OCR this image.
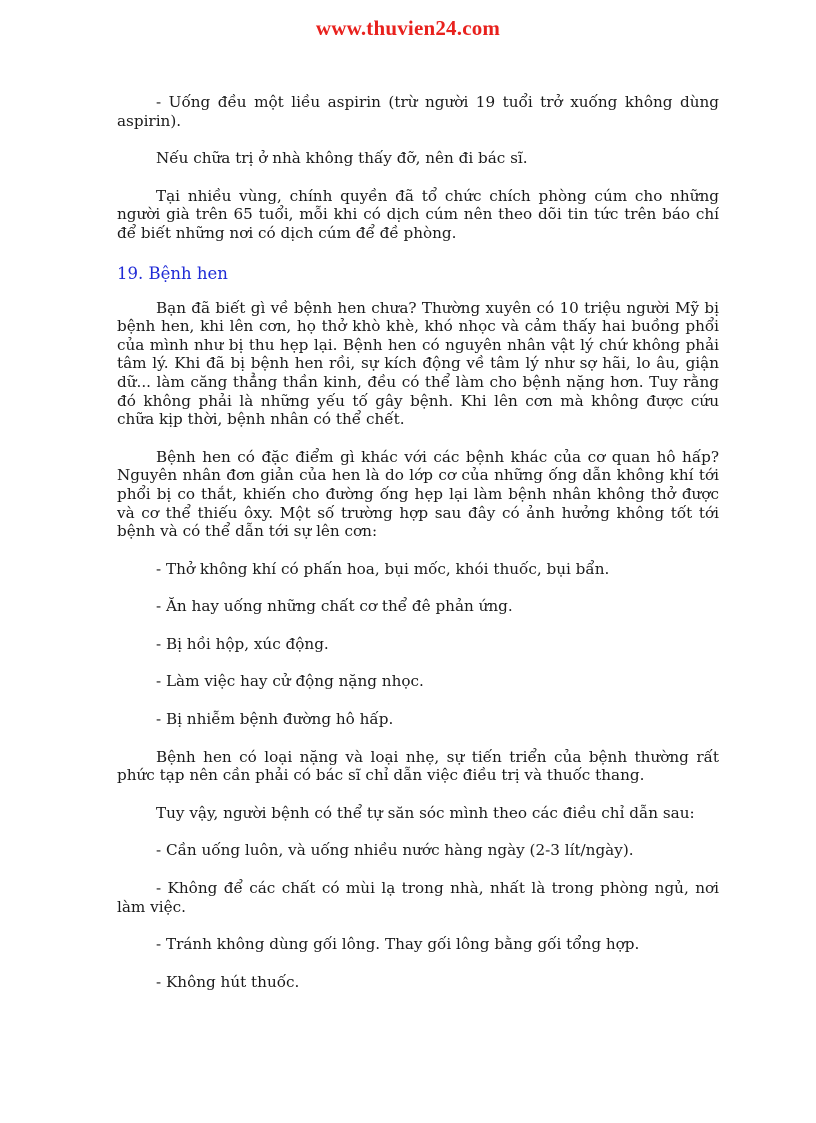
www.thuvien24.com

- Uống đều một liều aspirin (trừ người 19 tuổi trở xuống không dùng aspirin).

Nếu chữa trị ở nhà không thấy đỡ, nên đi bác sĩ.

Tại nhiều vùng, chính quyền đã tổ chức chích phòng cúm cho những người già trên 65 tuổi, mỗi khi có dịch cúm nên theo dõi tin tức trên báo chí để biết những nơi có dịch cúm để đề phòng.

19. Bệnh hen

Bạn đã biết gì về bệnh hen chưa? Thường xuyên có 10 triệu người Mỹ bị bệnh hen, khi lên cơn, họ thở khò khè, khó nhọc và cảm thấy hai buồng phổi của mình như bị thu hẹp lại. Bệnh hen có nguyên nhân vật lý chứ không phải tâm lý. Khi đã bị bệnh hen rồi, sự kích động về tâm lý như sợ hãi, lo âu, giận dữ... làm căng thẳng thần kinh, đều có thể làm cho bệnh nặng hơn. Tuy rằng đó không phải là những yếu tố gây bệnh. Khi lên cơn mà không được cứu chữa kịp thời, bệnh nhân có thể chết.

Bệnh hen có đặc điểm gì khác với các bệnh khác của cơ quan hô hấp? Nguyên nhân đơn giản của hen là do lớp cơ của những ống dẫn không khí tới phổi bị co thắt, khiến cho đường ống hẹp lại làm bệnh nhân không thở được và cơ thể thiếu ôxy. Một số trường hợp sau đây có ảnh hưởng không tốt tới bệnh và có thể dẫn tới sự lên cơn:

- Thở không khí có phấn hoa, bụi mốc, khói thuốc, bụi bẩn.

- Ăn hay uống những chất cơ thể đê phản ứng.

- Bị hồi hộp, xúc động.

- Làm việc hay cử động nặng nhọc.

- Bị nhiễm bệnh đường hô hấp.

Bệnh hen có loại nặng và loại nhẹ, sự tiến triển của bệnh thường rất phức tạp nên cần phải có bác sĩ chỉ dẫn việc điều trị và thuốc thang.

Tuy vậy, người bệnh có thể tự săn sóc mình theo các điều chỉ dẫn sau:

- Cần uống luôn, và uống nhiều nước hàng ngày (2-3 lít/ngày).

- Không để các chất có mùi lạ trong nhà, nhất là trong phòng ngủ, nơi làm việc.

- Tránh không dùng gối lông. Thay gối lông bằng gối tổng hợp.

- Không hút thuốc.
